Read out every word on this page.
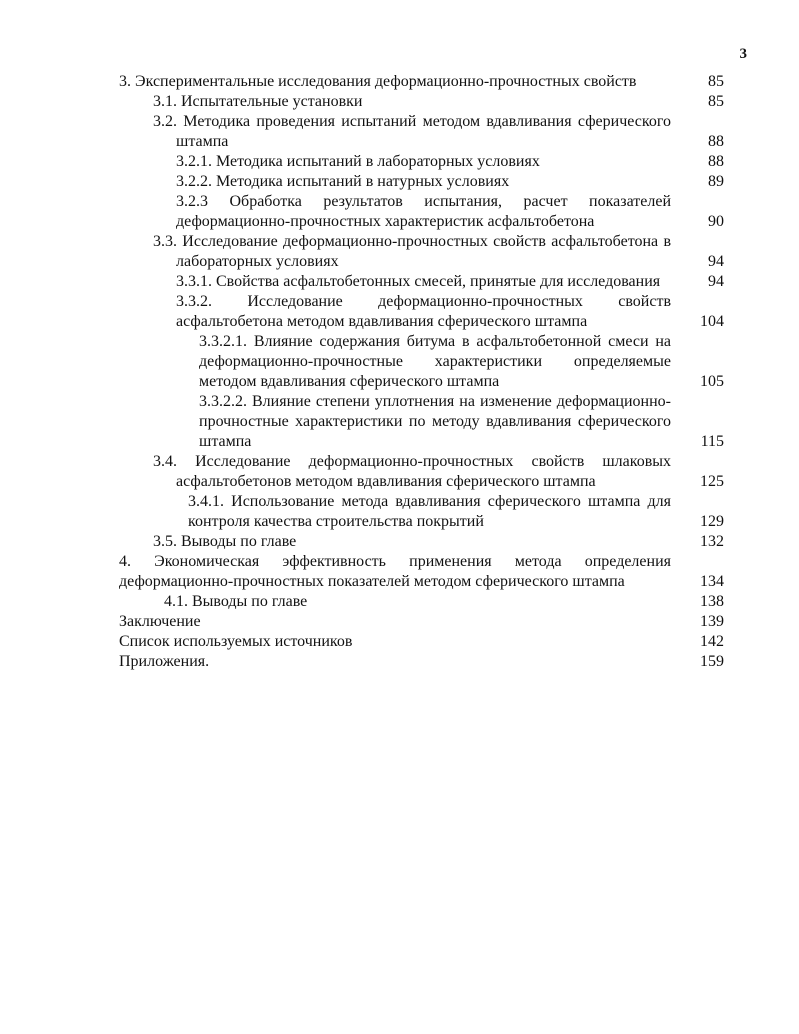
3
3. Экспериментальные исследования деформационно-прочностных свойств	85
3.1. Испытательные установки	85
3.2. Методика проведения испытаний методом вдавливания сферического штампа	88
3.2.1. Методика испытаний в лабораторных условиях	88
3.2.2. Методика испытаний в натурных условиях	89
3.2.3 Обработка результатов испытания, расчет показателей деформационно-прочностных характеристик асфальтобетона	90
3.3. Исследование деформационно-прочностных свойств асфальтобетона в лабораторных условиях	94
3.3.1. Свойства асфальтобетонных смесей, принятые для исследования	94
3.3.2. Исследование деформационно-прочностных свойств асфальтобетона методом вдавливания сферического штампа	104
3.3.2.1. Влияние содержания битума в асфальтобетонной смеси на деформационно-прочностные характеристики определяемые методом вдавливания сферического штампа	105
3.3.2.2. Влияние степени уплотнения на изменение деформационно-прочностные характеристики по методу вдавливания сферического штампа	115
3.4. Исследование деформационно-прочностных свойств шлаковых асфальтобетонов методом вдавливания сферического штампа	125
3.4.1. Использование метода вдавливания сферического штампа для контроля качества строительства покрытий	129
3.5. Выводы по главе	132
4. Экономическая эффективность применения метода определения деформационно-прочностных показателей методом сферического штампа	134
4.1. Выводы по главе	138
Заключение	139
Список используемых источников	142
Приложения.	159
